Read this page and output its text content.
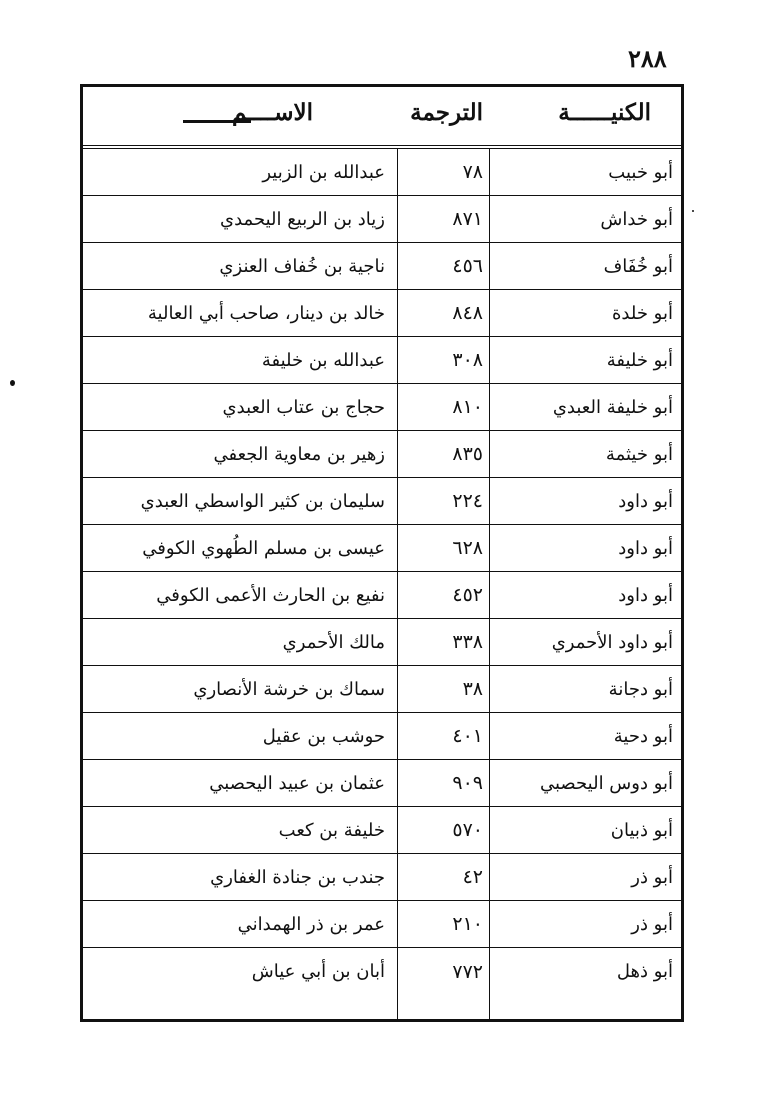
٢٨٨
الكنيــــــة
الترجمة
الاســــم
أبو خبيب
٧٨
عبدالله بن الزبير
أبو خداش
٨٧١
زياد بن الربيع اليحمدي
أبو خُفَاف
٤٥٦
ناجية بن خُفاف العنزي
أبو خلدة
٨٤٨
خالد بن دينار، صاحب أبي العالية
أبو خليفة
٣٠٨
عبدالله بن خليفة
أبو خليفة العبدي
٨١٠
حجاج بن عتاب العبدي
أبو خيثمة
٨٣٥
زهير بن معاوية الجعفي
أبو داود
٢٢٤
سليمان بن كثير الواسطي العبدي
أبو داود
٦٢٨
عيسى بن مسلم الطُهوي الكوفي
أبو داود
٤٥٢
نفيع بن الحارث الأعمى الكوفي
أبو داود الأحمري
٣٣٨
مالك الأحمري
أبو دجانة
٣٨
سماك بن خرشة الأنصاري
أبو دحية
٤٠١
حوشب بن عقيل
أبو دوس اليحصبي
٩٠٩
عثمان بن عبيد اليحصبي
أبو ذبيان
٥٧٠
خليفة بن كعب
أبو ذر
٤٢
جندب بن جنادة الغفاري
أبو ذر
٢١٠
عمر بن ذر الهمداني
أبو ذهل
٧٧٢
أبان بن أبي عياش
